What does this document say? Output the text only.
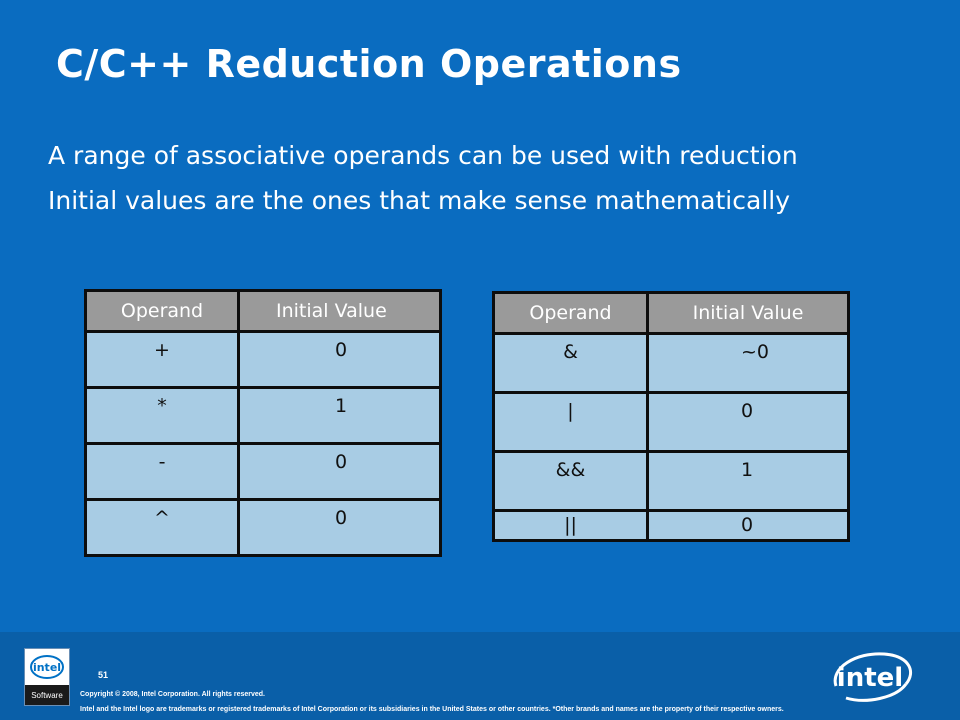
C/C++ Reduction Operations

A range of associative operands can be used with reduction

Initial values are the ones that make sense mathematically

Operand	Initial Value
+	0
*	1
-	0
^	0
Operand	Initial Value
&	~0
|	0
&&	1
||	0
intel
Software
51
Copyright © 2008, Intel Corporation. All rights reserved.
Intel and the Intel logo are trademarks or registered trademarks of Intel Corporation or its subsidiaries in the United States or other countries. *Other brands and names are the property of their respective owners.
intel
